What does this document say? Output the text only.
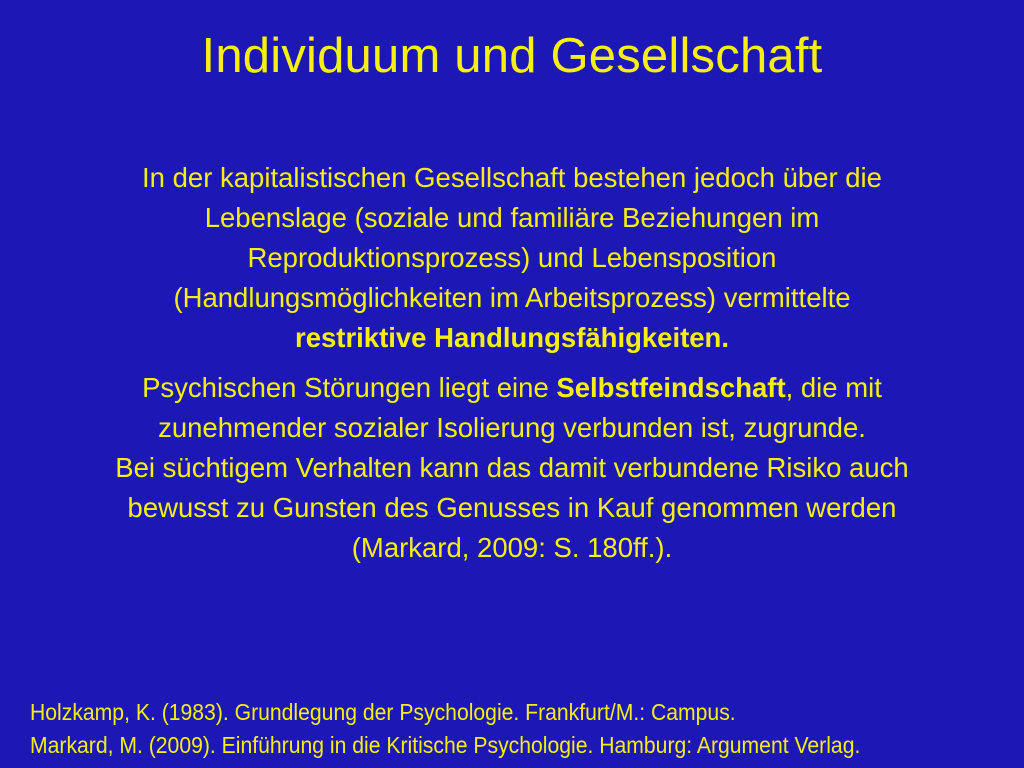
Individuum und Gesellschaft

In der kapitalistischen Gesellschaft bestehen jedoch über die
Lebenslage (soziale und familiäre Beziehungen im
Reproduktionsprozess) und Lebensposition
(Handlungsmöglichkeiten im Arbeitsprozess) vermittelte
restriktive Handlungsfähigkeiten.

Psychischen Störungen liegt eine Selbstfeindschaft, die mit
zunehmender sozialer Isolierung verbunden ist, zugrunde.
Bei süchtigem Verhalten kann das damit verbundene Risiko auch
bewusst zu Gunsten des Genusses in Kauf genommen werden
(Markard, 2009: S. 180ff.).

Holzkamp, K. (1983). Grundlegung der Psychologie. Frankfurt/M.: Campus.
Markard, M. (2009). Einführung in die Kritische Psychologie. Hamburg: Argument Verlag.
